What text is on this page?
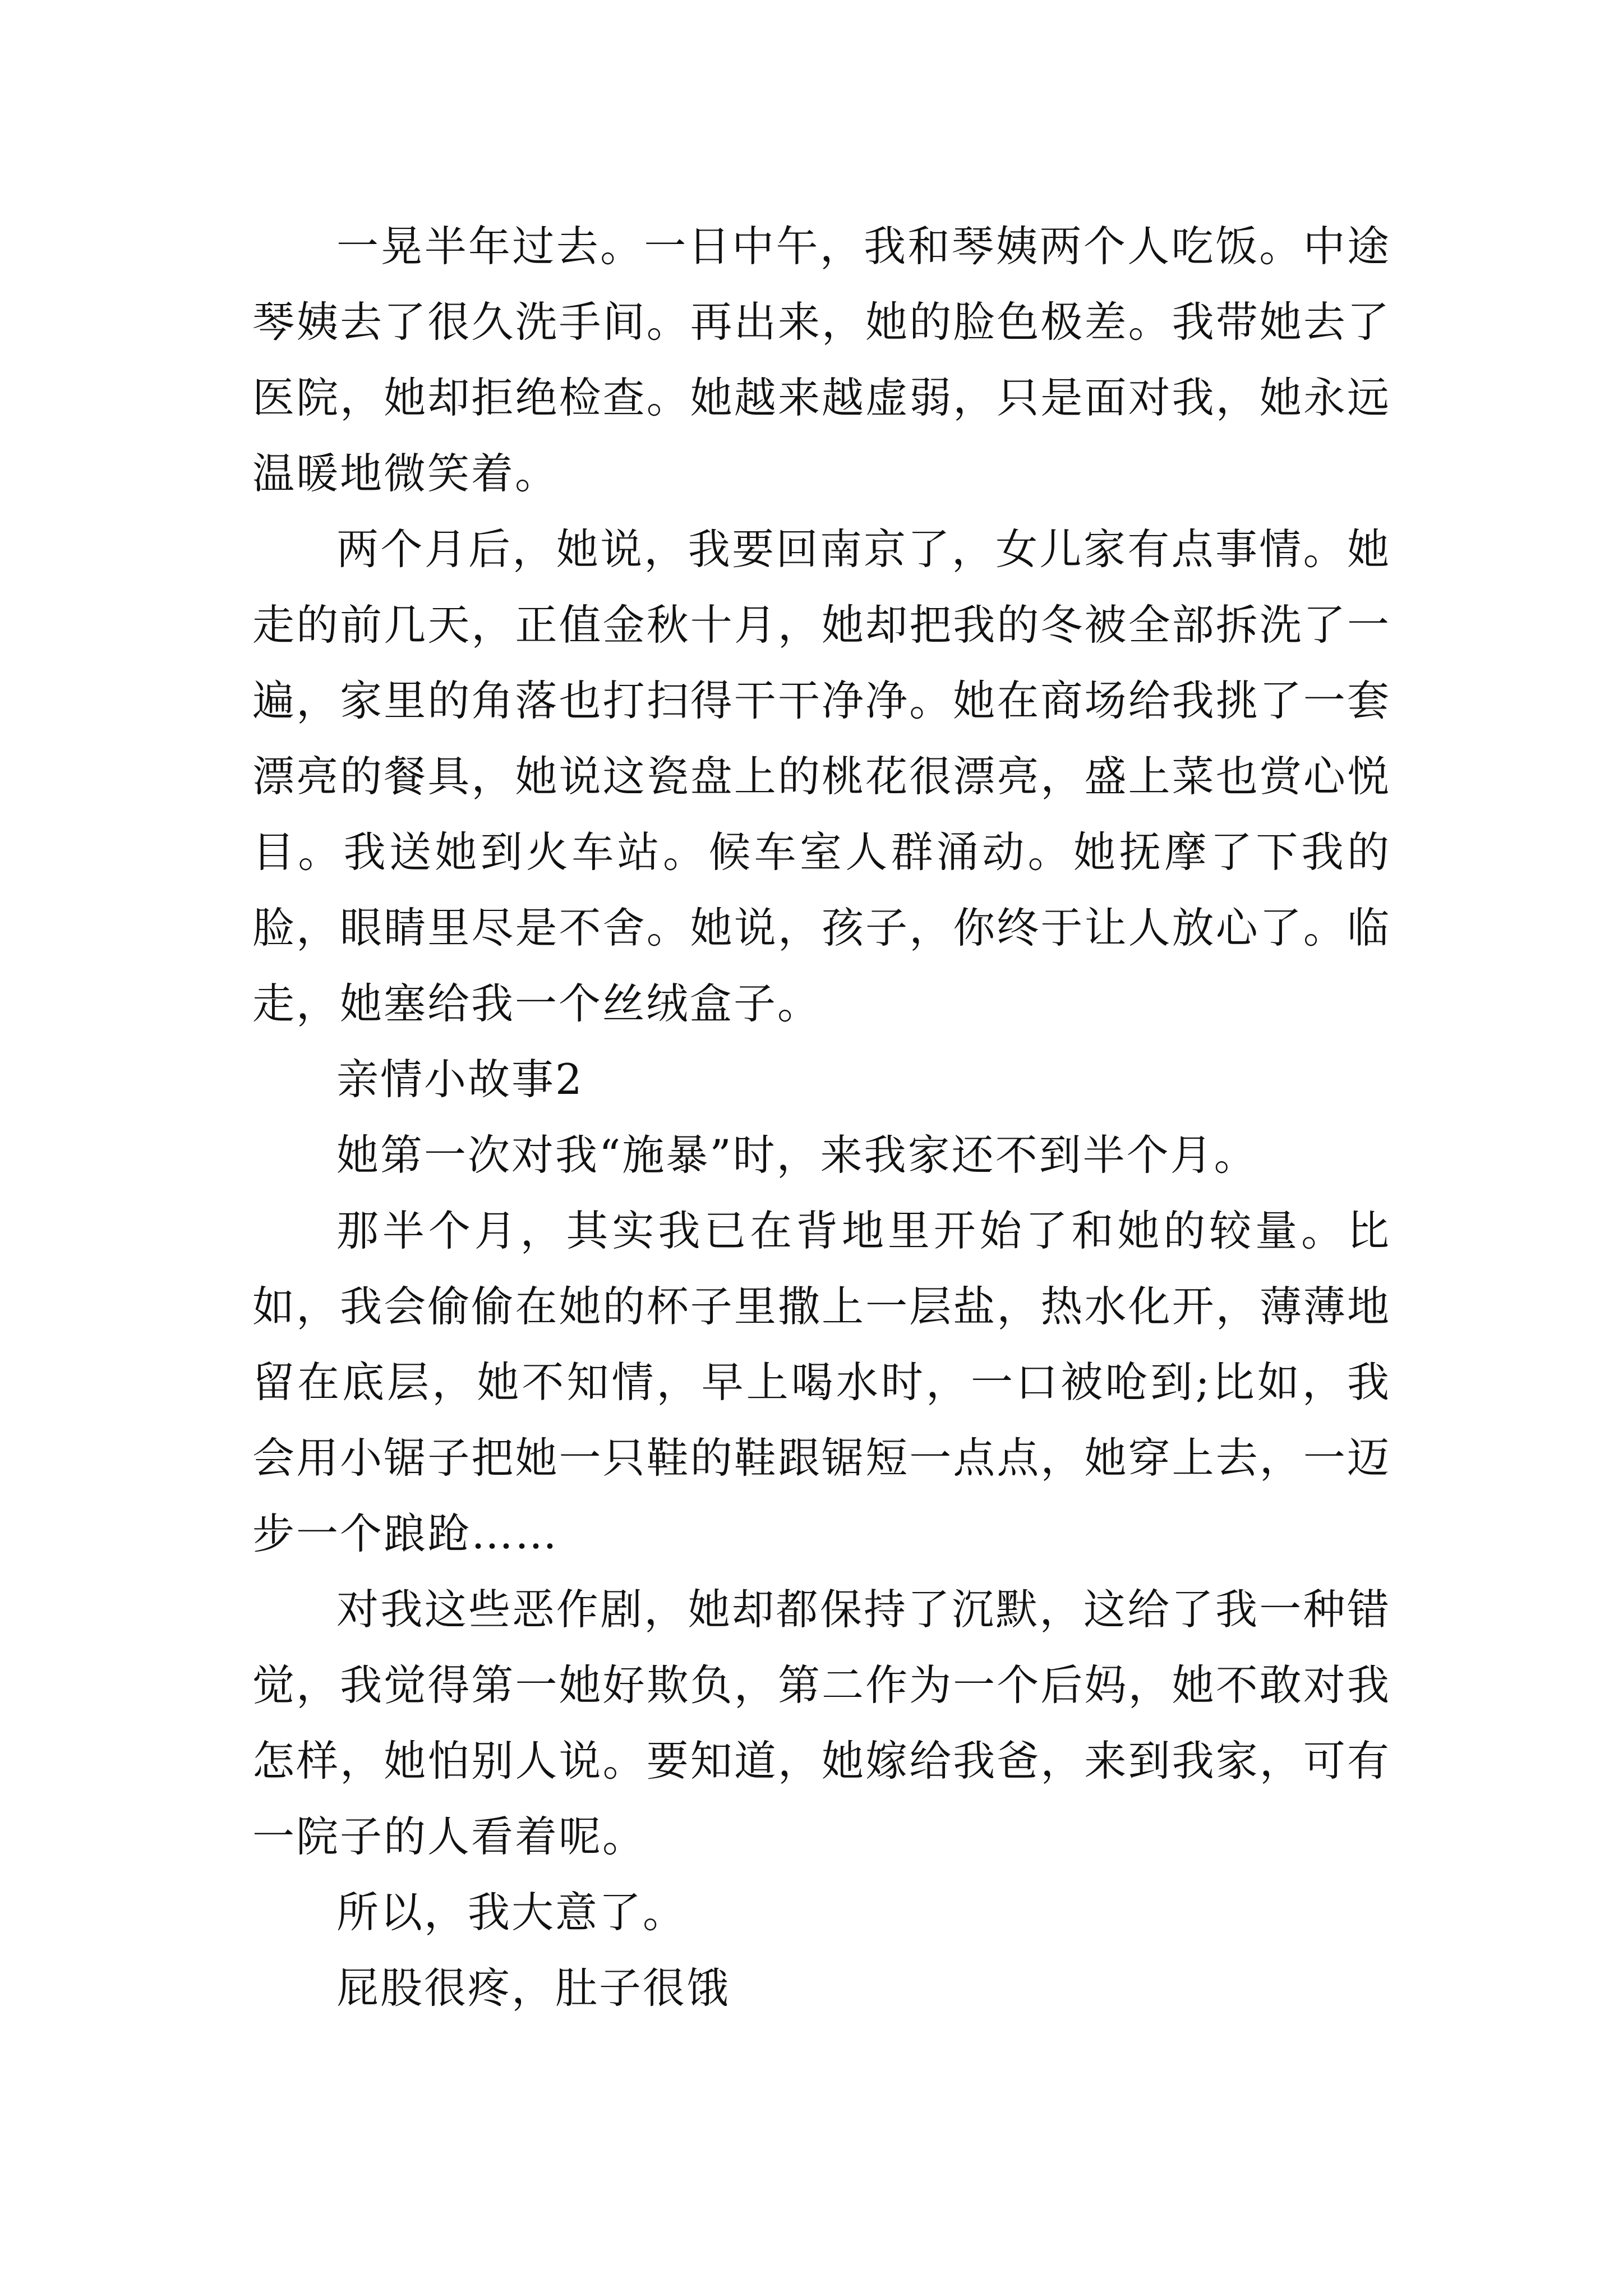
一晃半年过去。一日中午，我和琴姨两个人吃饭。中途琴姨去了很久洗手间。再出来，她的脸色极差。我带她去了医院，她却拒绝检查。她越来越虚弱，只是面对我，她永远温暖地微笑着。

两个月后，她说，我要回南京了，女儿家有点事情。她走的前几天，正值金秋十月，她却把我的冬被全部拆洗了一遍，家里的角落也打扫得干干净净。她在商场给我挑了一套漂亮的餐具，她说这瓷盘上的桃花很漂亮，盛上菜也赏心悦目。我送她到火车站。候车室人群涌动。她抚摩了下我的脸，眼睛里尽是不舍。她说，孩子，你终于让人放心了。临走，她塞给我一个丝绒盒子。

亲情小故事2

她第一次对我“施暴”时，来我家还不到半个月。

那半个月，其实我已在背地里开始了和她的较量。比如，我会偷偷在她的杯子里撒上一层盐，热水化开，薄薄地留在底层，她不知情，早上喝水时，一口被呛到;比如，我会用小锯子把她一只鞋的鞋跟锯短一点点，她穿上去，一迈步一个踉跄……

对我这些恶作剧，她却都保持了沉默，这给了我一种错觉，我觉得第一她好欺负，第二作为一个后妈，她不敢对我怎样，她怕别人说。要知道，她嫁给我爸，来到我家，可有一院子的人看着呢。

所以，我大意了。

屁股很疼，肚子很饿
